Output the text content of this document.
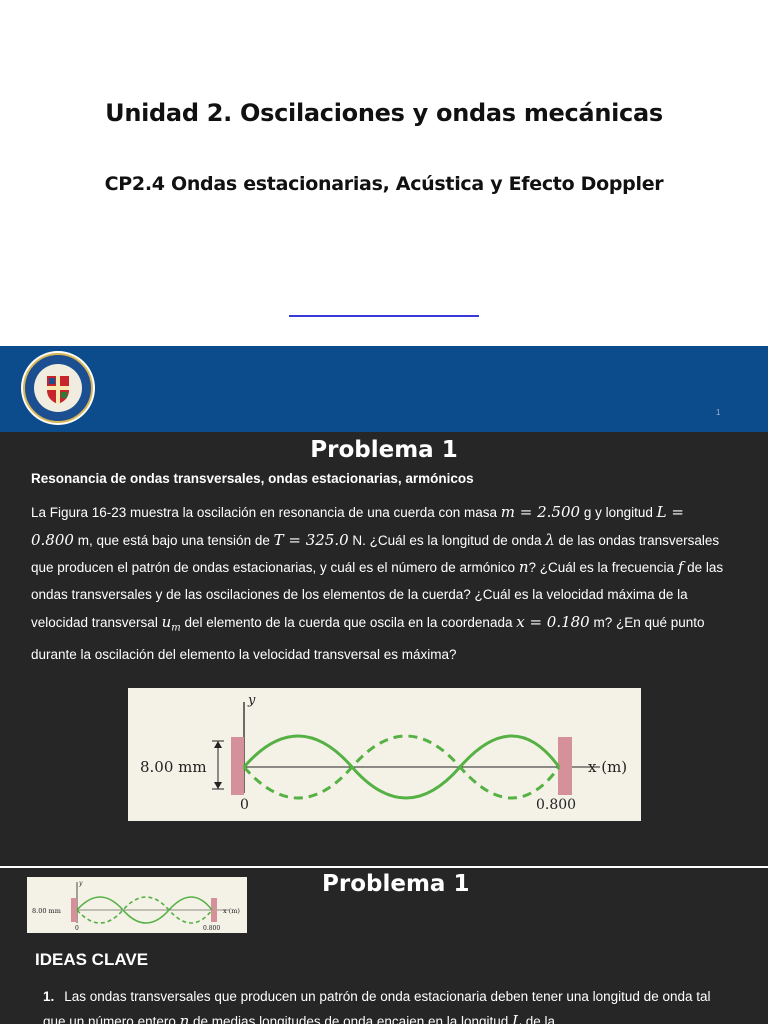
Unidad 2. Oscilaciones y ondas mecánicas
CP2.4 Ondas estacionarias, Acústica y Efecto Doppler
1
Problema 1
Resonancia de ondas transversales, ondas estacionarias, armónicos
La Figura 16-23 muestra la oscilación en resonancia de una cuerda con masa m = 2.500 g y longitud L = 0.800 m, que está bajo una tensión de T = 325.0 N. ¿Cuál es la longitud de onda λ de las ondas transversales que producen el patrón de ondas estacionarias, y cuál es el número de armónico n? ¿Cuál es la frecuencia f de las ondas transversales y de las oscilaciones de los elementos de la cuerda? ¿Cuál es la velocidad máxima de la velocidad transversal $u_m$ del elemento de la cuerda que oscila en la coordenada x = 0.180 m? ¿En qué punto durante la oscilación del elemento la velocidad transversal es máxima?
y
8.00 mm	x (m)
0	0.800
y
8.00 mm	x (m)
0	0.800
Problema 1
IDEAS CLAVE
1. Las ondas transversales que producen un patrón de onda estacionaria deben tener una longitud de onda tal que un número entero n de medias longitudes de onda encajen en la longitud L de la
